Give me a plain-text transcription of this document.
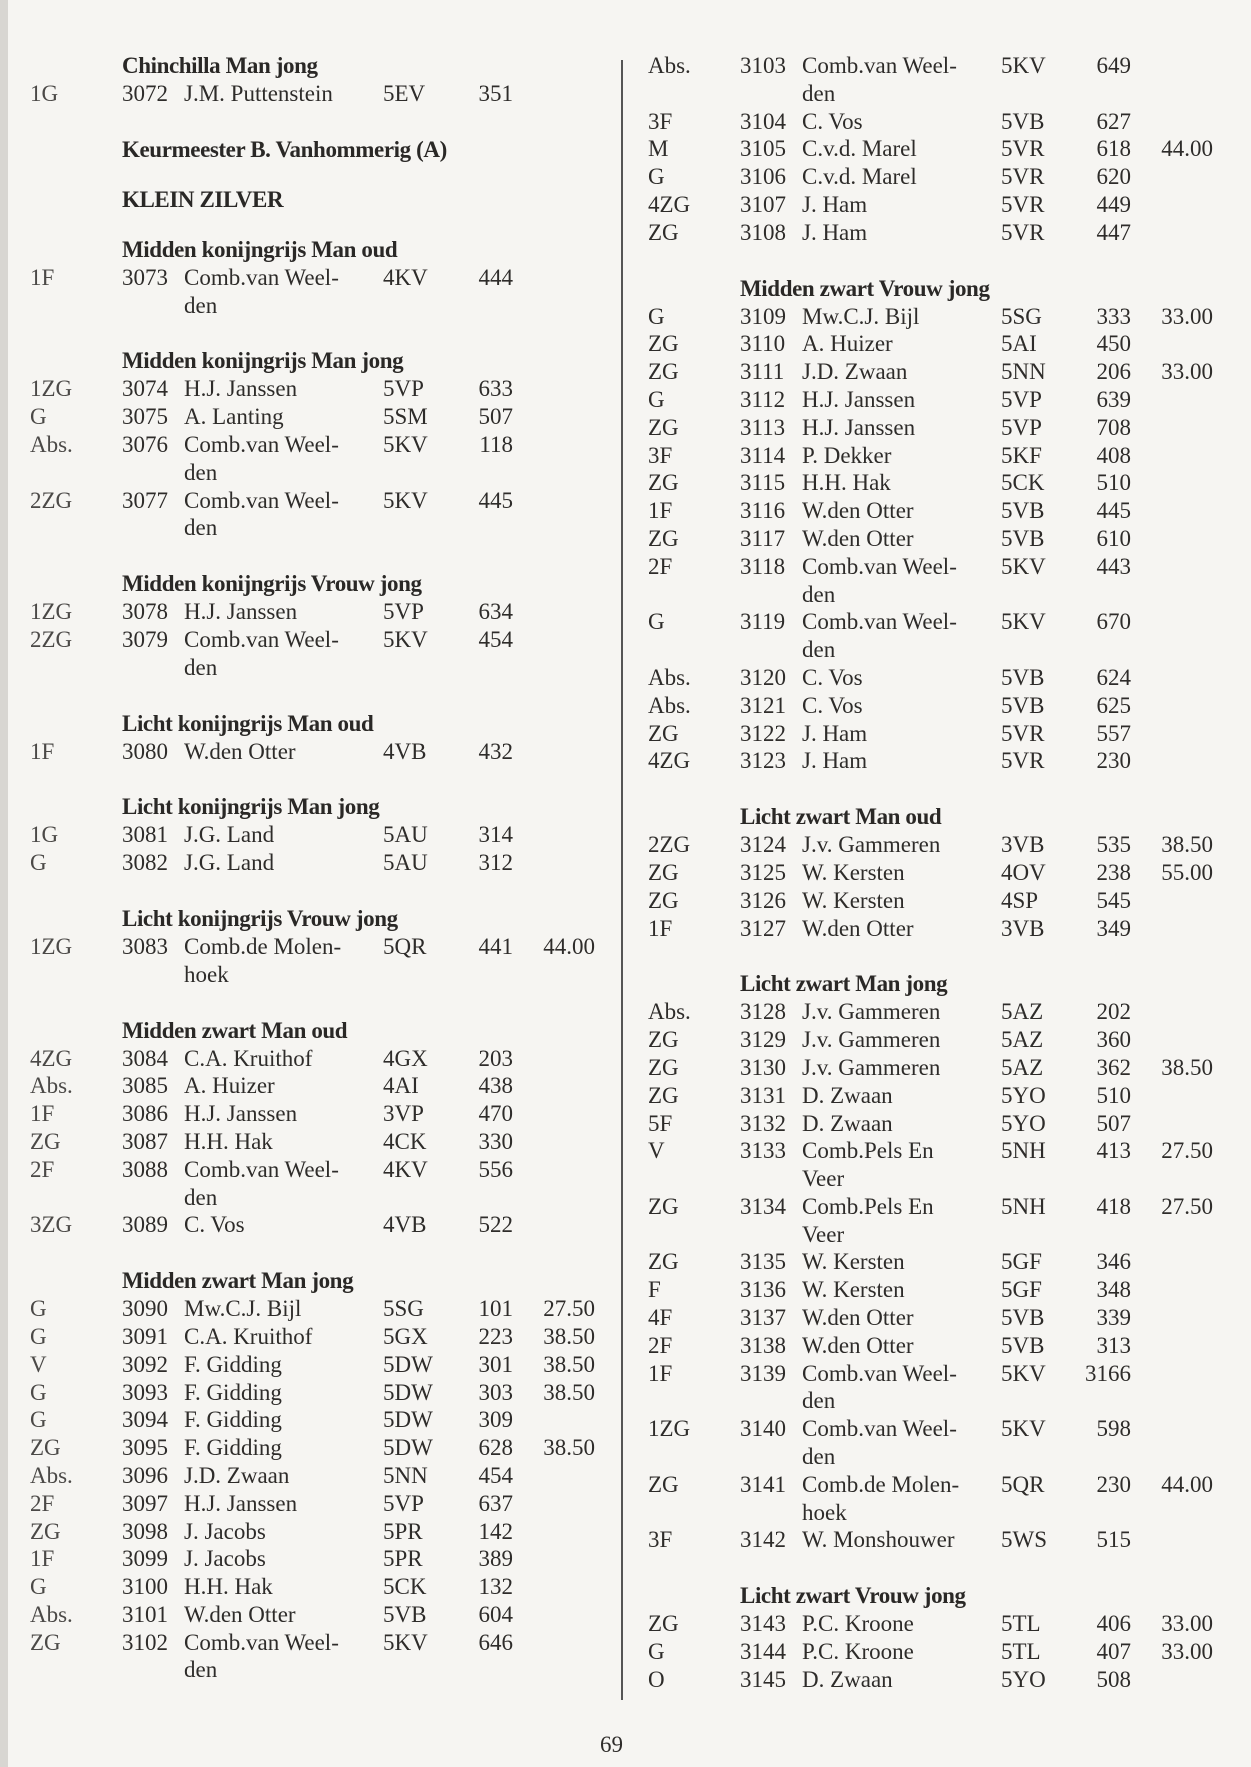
Chinchilla Man jong
1G	3072 J.M. Puttenstein	5EV	351
Keurmeester B. Vanhommerig (A)
KLEIN ZILVER
Midden konijngrijs Man oud
1F	3073 Comb.van Weel-	4KV	444
den
Midden konijngrijs Man jong
1ZG	3074 H.J. Janssen	5VP	633
G	3075 A. Lanting	5SM	507
Abs.	3076 Comb.van Weel-	5KV	118
den
2ZG	3077 Comb.van Weel-	5KV	445
den
Midden konijngrijs Vrouw jong
1ZG	3078 H.J. Janssen	5VP	634
2ZG	3079 Comb.van Weel-	5KV	454
den
Licht konijngrijs Man oud
1F	3080 W.den Otter	4VB	432
Licht konijngrijs Man jong
1G	3081 J.G. Land	5AU	314
G	3082 J.G. Land	5AU	312
Licht konijngrijs Vrouw jong
1ZG	3083 Comb.de Molen-	5QR	441	44.00
hoek
Midden zwart Man oud
4ZG	3084 C.A. Kruithof	4GX	203
Abs.	3085 A. Huizer	4AI	438
1F	3086 H.J. Janssen	3VP	470
ZG	3087 H.H. Hak	4CK	330
2F	3088 Comb.van Weel-	4KV	556
den
3ZG	3089 C. Vos	4VB	522
Midden zwart Man jong
G	3090 Mw.C.J. Bijl	5SG	101	27.50
G	3091 C.A. Kruithof	5GX	223	38.50
V	3092 F. Gidding	5DW	301	38.50
G	3093 F. Gidding	5DW	303	38.50
G	3094 F. Gidding	5DW	309
ZG	3095 F. Gidding	5DW	628	38.50
Abs.	3096 J.D. Zwaan	5NN	454
2F	3097 H.J. Janssen	5VP	637
ZG	3098 J. Jacobs	5PR	142
1F	3099 J. Jacobs	5PR	389
G	3100 H.H. Hak	5CK	132
Abs.	3101 W.den Otter	5VB	604
ZG	3102 Comb.van Weel-	5KV	646
den
Abs.	3103 Comb.van Weel-	5KV	649
den
3F	3104 C. Vos	5VB	627
M	3105 C.v.d. Marel	5VR	618	44.00
G	3106 C.v.d. Marel	5VR	620
4ZG	3107 J. Ham	5VR	449
ZG	3108 J. Ham	5VR	447
Midden zwart Vrouw jong
G	3109 Mw.C.J. Bijl	5SG	333	33.00
ZG	3110 A. Huizer	5AI	450
ZG	3111 J.D. Zwaan	5NN	206	33.00
G	3112 H.J. Janssen	5VP	639
ZG	3113 H.J. Janssen	5VP	708
3F	3114 P. Dekker	5KF	408
ZG	3115 H.H. Hak	5CK	510
1F	3116 W.den Otter	5VB	445
ZG	3117 W.den Otter	5VB	610
2F	3118 Comb.van Weel-	5KV	443
den
G	3119 Comb.van Weel-	5KV	670
den
Abs.	3120 C. Vos	5VB	624
Abs.	3121 C. Vos	5VB	625
ZG	3122 J. Ham	5VR	557
4ZG	3123 J. Ham	5VR	230
Licht zwart Man oud
2ZG	3124 J.v. Gammeren	3VB	535	38.50
ZG	3125 W. Kersten	4OV	238	55.00
ZG	3126 W. Kersten	4SP	545
1F	3127 W.den Otter	3VB	349
Licht zwart Man jong
Abs.	3128 J.v. Gammeren	5AZ	202
ZG	3129 J.v. Gammeren	5AZ	360
ZG	3130 J.v. Gammeren	5AZ	362	38.50
ZG	3131 D. Zwaan	5YO	510
5F	3132 D. Zwaan	5YO	507
V	3133 Comb.Pels En	5NH	413	27.50
Veer
ZG	3134 Comb.Pels En	5NH	418	27.50
Veer
ZG	3135 W. Kersten	5GF	346
F	3136 W. Kersten	5GF	348
4F	3137 W.den Otter	5VB	339
2F	3138 W.den Otter	5VB	313
1F	3139 Comb.van Weel-	5KV	3166
den
1ZG	3140 Comb.van Weel-	5KV	598
den
ZG	3141 Comb.de Molen-	5QR	230	44.00
hoek
3F	3142 W. Monshouwer	5WS	515
Licht zwart Vrouw jong
ZG	3143 P.C. Kroone	5TL	406	33.00
G	3144 P.C. Kroone	5TL	407	33.00
O	3145 D. Zwaan	5YO	508
69
